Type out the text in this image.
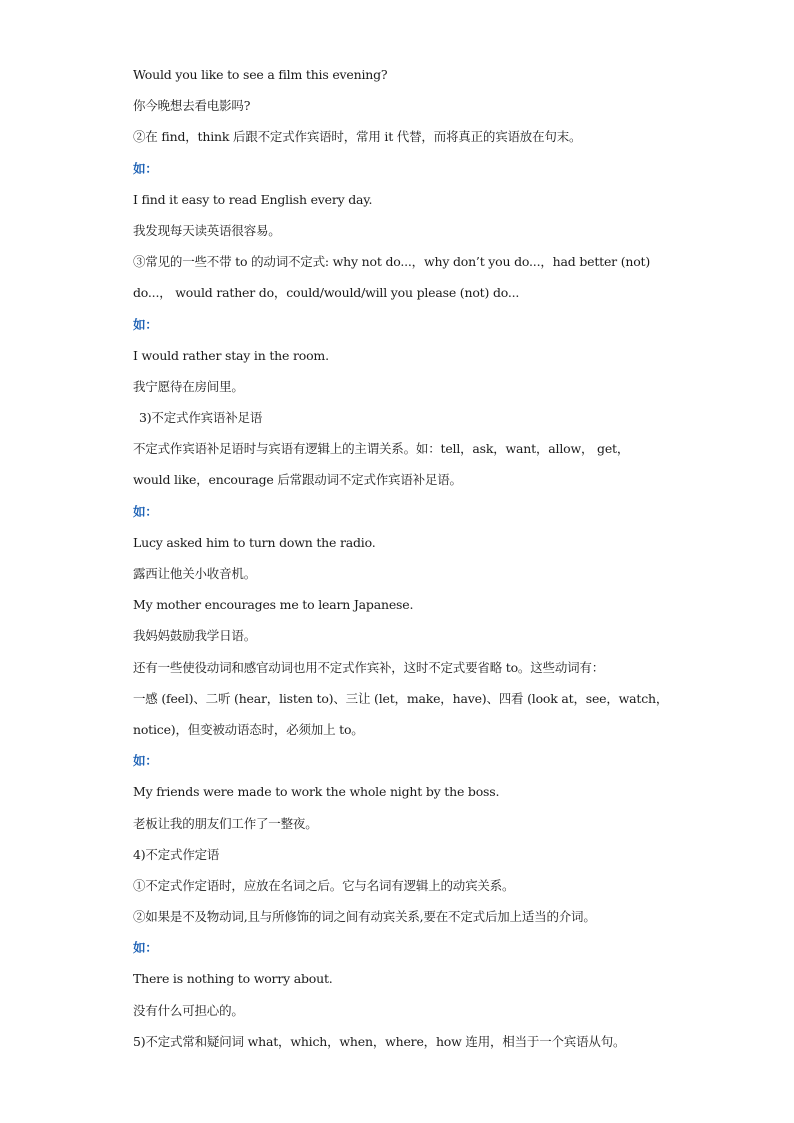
Would you like to see a film this evening?
你今晚想去看电影吗?
②在 find，think 后跟不定式作宾语时，常用 it 代替，而将真正的宾语放在句末。
如：
I find it easy to read English every day.
我发现每天读英语很容易。
③常见的一些不带 to 的动词不定式: why not do...，why don’t you do...，had better (not)
do...， would rather do，could/would/will you please (not) do...
如：
I would rather stay in the room.
我宁愿待在房间里。
3)不定式作宾语补足语
不定式作宾语补足语时与宾语有逻辑上的主谓关系。如：tell，ask，want，allow， get，
would like，encourage 后常跟动词不定式作宾语补足语。
如：
Lucy asked him to turn down the radio.
露西让他关小收音机。
My mother encourages me to learn Japanese.
我妈妈鼓励我学日语。
还有一些使役动词和感官动词也用不定式作宾补，这时不定式要省略 to。这些动词有：
一感 (feel)、二听 (hear，listen to)、三让 (let，make，have)、四看 (look at，see，watch，
notice)，但变被动语态时，必须加上 to。
如：
My friends were made to work the whole night by the boss.
老板让我的朋友们工作了一整夜。
4)不定式作定语
①不定式作定语时，应放在名词之后。它与名词有逻辑上的动宾关系。
②如果是不及物动词,且与所修饰的词之间有动宾关系,要在不定式后加上适当的介词。
如：
There is nothing to worry about.
没有什么可担心的。
5)不定式常和疑问词 what，which，when，where，how 连用，相当于一个宾语从句。
